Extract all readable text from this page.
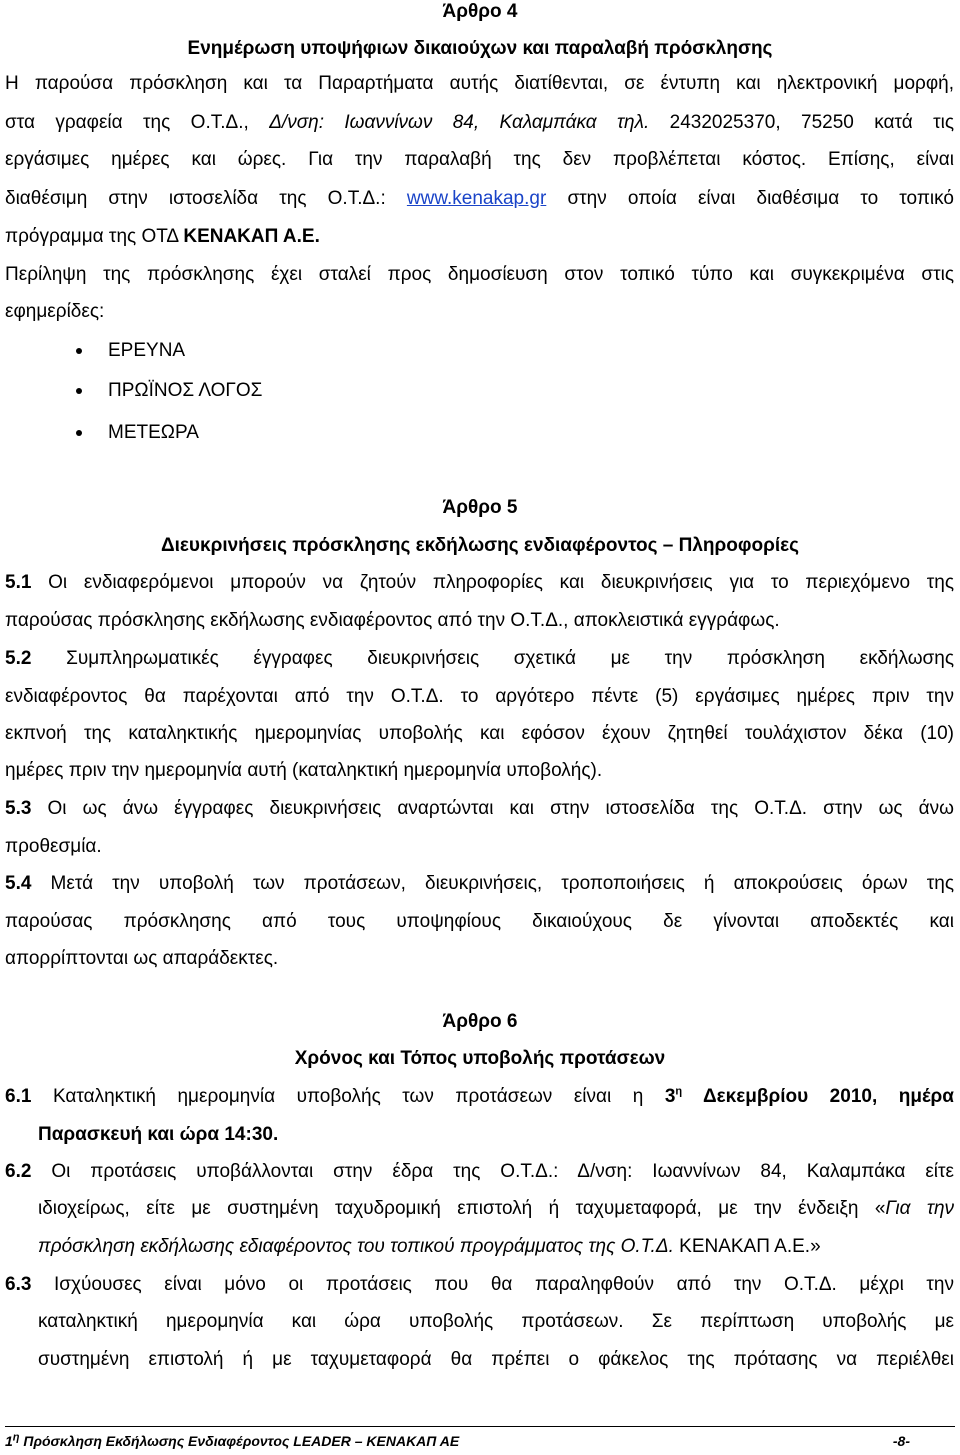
Άρθρο 4
Ενημέρωση υποψήφιων δικαιούχων και παραλαβή πρόσκλησης
Η παρούσα πρόσκληση και τα Παραρτήματα αυτής διατίθενται, σε έντυπη και ηλεκτρονική μορφή,
στα γραφεία της Ο.Τ.Δ., Δ/νση: Ιωαννίνων 84, Καλαμπάκα τηλ. 2432025370, 75250 κατά τις
εργάσιμες ημέρες και ώρες. Για την παραλαβή της δεν προβλέπεται κόστος. Επίσης, είναι
διαθέσιμη στην ιστοσελίδα της Ο.Τ.Δ.: www.kenakap.gr στην οποία είναι διαθέσιμα το τοπικό
πρόγραμμα της ΟΤΔ ΚΕΝΑΚΑΠ Α.Ε.
Περίληψη της πρόσκλησης έχει σταλεί προς δημοσίευση στον τοπικό τύπο και συγκεκριμένα στις
εφημερίδες:
ΕΡΕΥΝΑ
ΠΡΩΪΝΟΣ ΛΟΓΟΣ
ΜΕΤΕΩΡΑ
Άρθρο 5
Διευκρινήσεις πρόσκλησης εκδήλωσης ενδιαφέροντος – Πληροφορίες
5.1 Οι ενδιαφερόμενοι μπορούν να ζητούν πληροφορίες και διευκρινήσεις για το περιεχόμενο της
παρούσας πρόσκλησης εκδήλωσης ενδιαφέροντος από την Ο.Τ.Δ., αποκλειστικά εγγράφως.
5.2 Συμπληρωματικές έγγραφες διευκρινήσεις σχετικά με την πρόσκληση εκδήλωσης
ενδιαφέροντος θα παρέχονται από την Ο.Τ.Δ. το αργότερο πέντε (5) εργάσιμες ημέρες πριν την
εκπνοή της καταληκτικής ημερομηνίας υποβολής και εφόσον έχουν ζητηθεί τουλάχιστον δέκα (10)
ημέρες πριν την ημερομηνία αυτή (καταληκτική ημερομηνία υποβολής).
5.3 Οι ως άνω έγγραφες διευκρινήσεις αναρτώνται και στην ιστοσελίδα της Ο.Τ.Δ. στην ως άνω
προθεσμία.
5.4 Μετά την υποβολή των προτάσεων, διευκρινήσεις, τροποποιήσεις ή αποκρούσεις όρων της
παρούσας πρόσκλησης από τους υποψηφίους δικαιούχους δε γίνονται αποδεκτές και
απορρίπτονται ως απαράδεκτες.
Άρθρο 6
Χρόνος και Τόπος υποβολής προτάσεων
6.1 Καταληκτική ημερομηνία υποβολής των προτάσεων είναι η $3^\eta$ Δεκεμβρίου 2010, ημέρα
Παρασκευή και ώρα 14:30.
6.2 Οι προτάσεις υποβάλλονται στην έδρα της Ο.Τ.Δ.: Δ/νση: Ιωαννίνων 84, Καλαμπάκα είτε
ιδιοχείρως, είτε με συστημένη ταχυδρομική επιστολή ή ταχυμεταφορά, με την ένδειξη «Για την
πρόσκληση εκδήλωσης εδιαφέροντος του τοπικού προγράμματος της Ο.Τ.Δ. ΚΕΝΑΚΑΠ Α.Ε.»
6.3 Ισχύουσες είναι μόνο οι προτάσεις που θα παραληφθούν από την Ο.Τ.Δ. μέχρι την
καταληκτική ημερομηνία και ώρα υποβολής προτάσεων. Σε περίπτωση υποβολής με
συστημένη επιστολή ή με ταχυμεταφορά θα πρέπει ο φάκελος της πρότασης να περιέλθει
$1^\eta$ Πρόσκληση Εκδήλωσης Ενδιαφέροντος LEADER – ΚΕΝΑΚΑΠ ΑΕ	-8-
